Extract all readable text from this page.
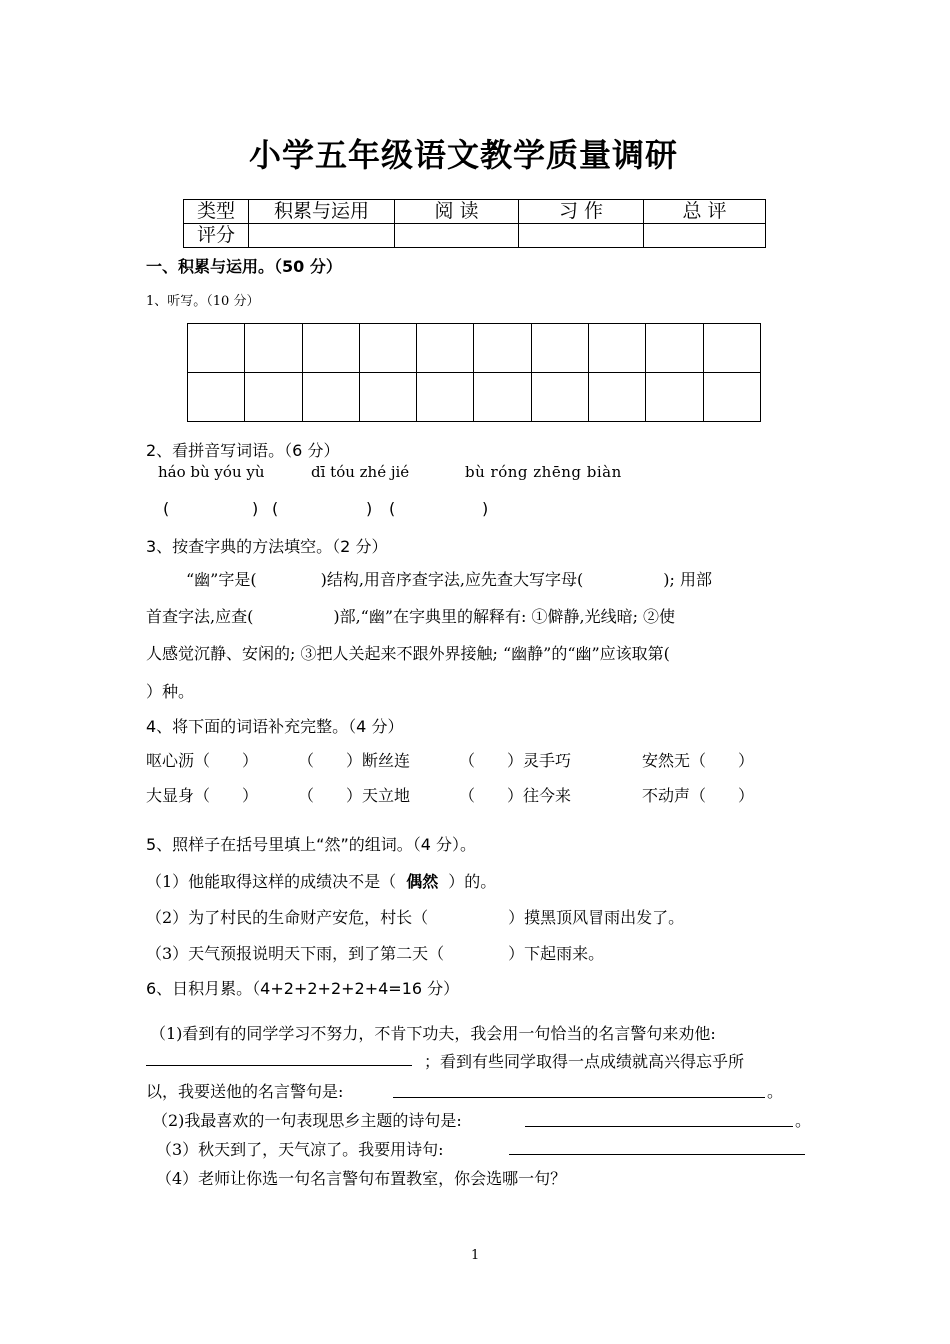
小学五年级语文教学质量调研
类型	积累与运用	阅 读	习 作	总 评
评分				
一、积累与运用。（50 分）
1、听写。（10 分）

2、看拼音写词语。（6 分）
háo bù yóu yù	dī tóu zhé jié	bù róng zhēng biàn
(	) (	) (	)
3、按查字典的方法填空。（2 分）
“幽”字是(　　　　)结构,用音序查字法,应先查大写字母(　　　　　); 用部
首查字法,应查(　　　　　)部,“幽”在字典里的解释有: ①僻静,光线暗; ②使
人感觉沉静、安闲的; ③把人关起来不跟外界接触; “幽静”的“幽”应该取第(
）种。
4、将下面的词语补充完整。（4 分）
呕心沥（　　） （　　）断丝连	（　　）灵手巧	安然无（　　）
大显身（　　） （　　）天立地	（　　）往今来	不动声（　　）
5、照样子在括号里填上“然”的组词。（4 分）。
（1）他能取得这样的成绩决不是（ 偶然 ）的。
（2）为了村民的生命财产安危，村长（　　　　　）摸黑顶风冒雨出发了。
（3）天气预报说明天下雨，到了第二天（　　　　）下起雨来。
6、日积月累。（4+2+2+2+2+4=16 分）
（1)看到有的同学学习不努力，不肯下功夫，我会用一句恰当的名言警句来劝他:
；看到有些同学取得一点成绩就高兴得忘乎所
以，我要送他的名言警句是:	。
（2)我最喜欢的一句表现思乡主题的诗句是:	。
（3）秋天到了，天气凉了。我要用诗句:
（4）老师让你选一句名言警句布置教室，你会选哪一句？
1
